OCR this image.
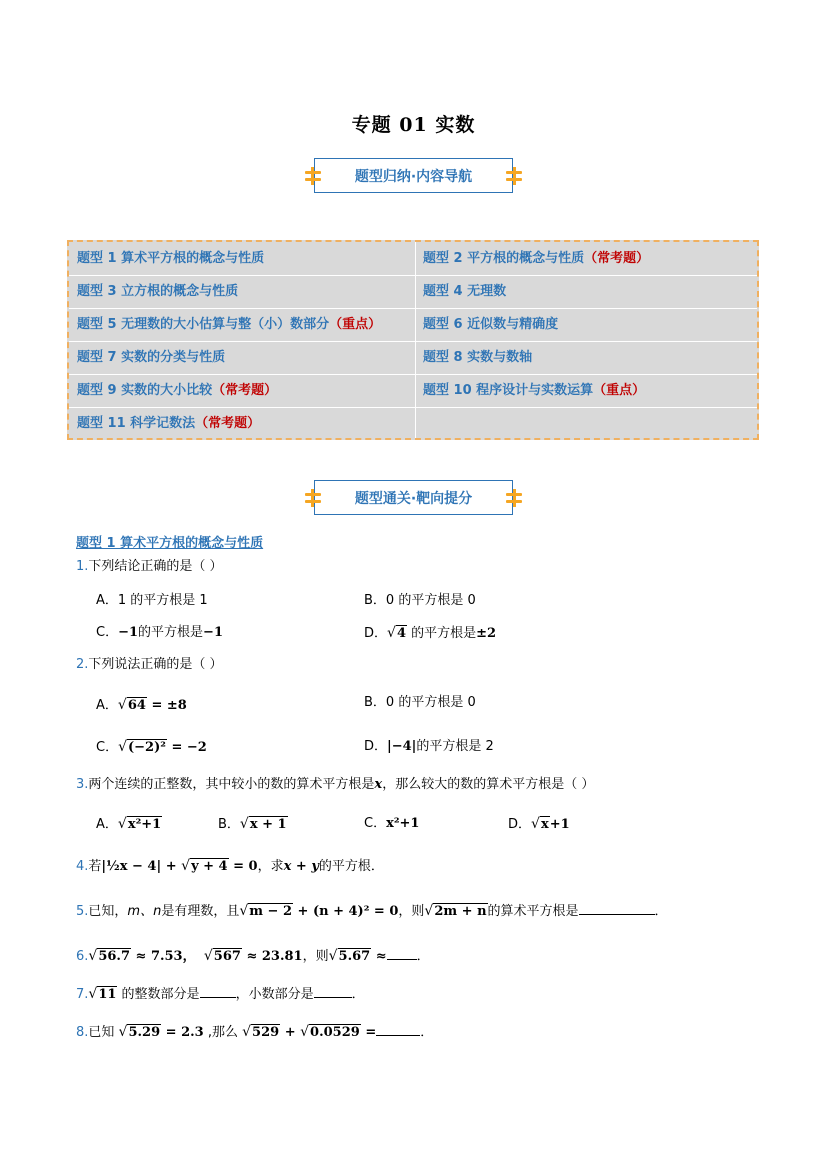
专题 01 实数
题型归纳·内容导航
题型 1 算术平方根的概念与性质	题型 2 平方根的概念与性质（常考题）
题型 3 立方根的概念与性质	题型 4 无理数
题型 5 无理数的大小估算与整（小）数部分（重点）	题型 6 近似数与精确度
题型 7 实数的分类与性质	题型 8 实数与数轴
题型 9 实数的大小比较（常考题）	题型 10 程序设计与实数运算（重点）
题型 11 科学记数法（常考题）
题型通关·靶向提分
题型 1 算术平方根的概念与性质
1.下列结论正确的是（ ）
A．1 的平方根是 1	B．0 的平方根是 0
C．−1的平方根是−1	D．√4 的平方根是±2
2.下列说法正确的是（ ）
A．√64 = ±8	B．0 的平方根是 0
C．√(−2)² = −2	D．|−4|的平方根是 2
3.两个连续的正整数，其中较小的数的算术平方根是x，那么较大的数的算术平方根是（ ）
A．√x²+1	B．√x + 1	C．x²+1	D．√x+1
4.若|½x − 4| + √y + 4 = 0，求x + y的平方根．
5.已知，m、n是有理数，且√m − 2 + (n + 4)² = 0，则√2m + n的算术平方根是	．
6.√56.7 ≈ 7.53， √567 ≈ 23.81，则√5.67 ≈ ．
7.√11 的整数部分是	，小数部分是	．
8.已知 √5.29 = 2.3 ,那么 √529 + √0.0529 =	．
